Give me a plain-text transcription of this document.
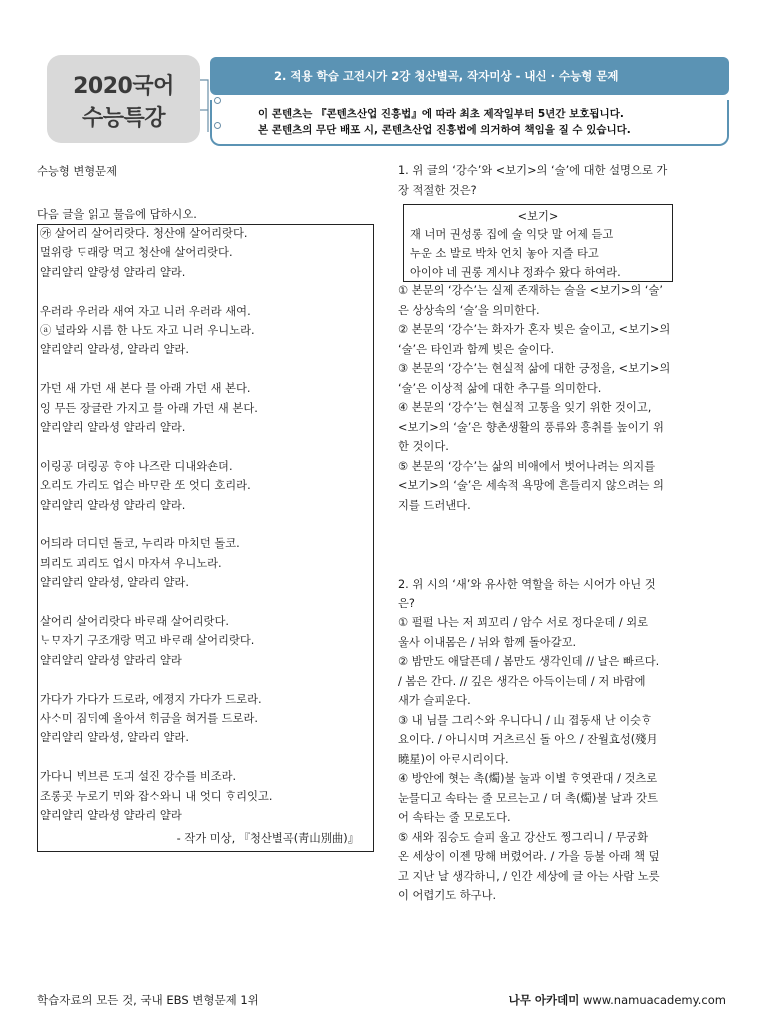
2020국어
수능특강
2. 적용 학습 고전시가 2강 청산별곡, 작자미상 - 내신 · 수능형 문제
이 콘텐츠는 『콘텐츠산업 진흥법』에 따라 최초 제작일부터 5년간 보호됩니다.
본 콘텐츠의 무단 배포 시, 콘텐츠산업 진흥법에 의거하여 책임을 질 수 있습니다.
수능형 변형문제
다음 글을 읽고 물음에 답하시오.
- 작가 미상, 『청산별곡(靑山別曲)』
㉮ 살어리 살어리랏다. 청산애 살어리랏다.
멀위랑 ᄃᆞ래랑 먹고 청산애 살어리랏다.
얄리얄리 얄랑셩 얄라리 얄라.
우러라 우러라 새여 자고 니러 우러라 새여.
ⓐ 널라와 시름 한 나도 자고 니러 우니노라.
얄리얄리 얄라셩, 얄라리 얄라.
가던 새 가던 새 본다 믈 아래 가던 새 본다.
잉 무든 장글란 가지고 믈 아래 가던 새 본다.
얄리얄리 얄라셩 얄라리 얄라.
이링공 뎌링공 ᄒᆞ야 나즈란 디내와숀뎌.
오리도 가리도 업슨 바ᄆᆞ란 ᄯᅩ 엇디 호리라.
얄리얄리 얄라셩 얄라리 얄라.
어듸라 더디던 돌코, 누리라 마치던 돌코.
믜리도 괴리도 업시 마자셔 우니노라.
얄리얄리 얄라셩, 얄라리 얄라.
살어리 살어리랏다 바ᄅᆞ래 살어리랏다.
ᄂᆞᄆᆞ자기 구조개랑 먹고 바ᄅᆞ래 살어리랏다.
얄리얄리 얄라셩 얄라리 얄라
가다가 가다가 드로라, 에졍지 가다가 드로라.
사ᄉᆞ미 짐ᄃᆡ예 올아셔 ᄒᆡ금을 혀거를 드로라.
얄리얄리 얄라셩, 얄라리 얄라.
가다니 ᄇᆡ브른 도긔 설진 강수를 비조라.
조롱곳 누로기 ᄆᆡ와 잡ᄉᆞ와니 내 엇디 ᄒᆞ리잇고.
얄리얄리 얄라셩 얄라리 얄라
1. 위 글의 ‘강수’와 <보기>의 ‘술’에 대한 설명으로 가
장 적절한 것은?
<보기>
재 너머 권성롱 집에 술 익닷 말 어제 듣고
누운 소 발로 박차 언치 놓아 지즐 타고
아이야 네 권롱 계시냐 정좌수 왔다 하여라.
① 본문의 ‘강수’는 실제 존재하는 술을 <보기>의 ‘술’
은 상상속의 ‘술’을 의미한다.
② 본문의 ‘강수’는 화자가 혼자 빚은 술이고, <보기>의
‘술’은 타인과 함께 빚은 술이다.
③ 본문의 ‘강수’는 현실적 삶에 대한 긍정을, <보기>의
‘술’은 이상적 삶에 대한 추구를 의미한다.
④ 본문의 ‘강수’는 현실적 고통을 잊기 위한 것이고,
<보기>의 ‘술’은 향촌생활의 풍류와 흥취를 높이기 위
한 것이다.
⑤ 본문의 ‘강수’는 삶의 비애에서 벗어나려는 의지를
<보기>의 ‘술’은 세속적 욕망에 흔들리지 않으려는 의
지를 드러낸다.
2. 위 시의 ‘새’와 유사한 역할을 하는 시어가 아닌 것
은?
① 펄펄 나는 저 꾀꼬리 / 암수 서로 정다운데 / 외로
울사 이내몸은 / 뉘와 함께 돌아갈꼬.
② 밤만도 애달픈데 / 봄만도 생각인데 // 날은 빠르다.
/ 봄은 간다. // 깊은 생각은 아득이는데 / 저 바람에
새가 슬피운다.
③ 내 님믈 그리ᄉᆞ와 우니다니 / 山 졉동새 난 이슷ᄒᆞ
요이다. / 아니시며 거츠르신 돌 아으 / 잔월효성(殘月
曉星)이 아ᄅᆞ시리이다.
④ 방안에 혓는 촉(燭)불 눌과 이별 ᄒᆞ엿관대 / 것츠로
눈믈디고 속타는 줄 모르는고 / 뎌 촉(燭)불 날과 갓트
어 속타는 줄 모로도다.
⑤ 새와 짐승도 슬피 울고 강산도 찡그리니 / 무궁화
온 세상이 이젠 망해 버렸어라. / 가을 등불 아래 책 덮
고 지난 날 생각하니, / 인간 세상에 글 아는 사람 노릇
이 어렵기도 하구나.
학습자료의 모든 것, 국내 EBS 변형문제 1위	나무 아카데미 www.namuacademy.com
